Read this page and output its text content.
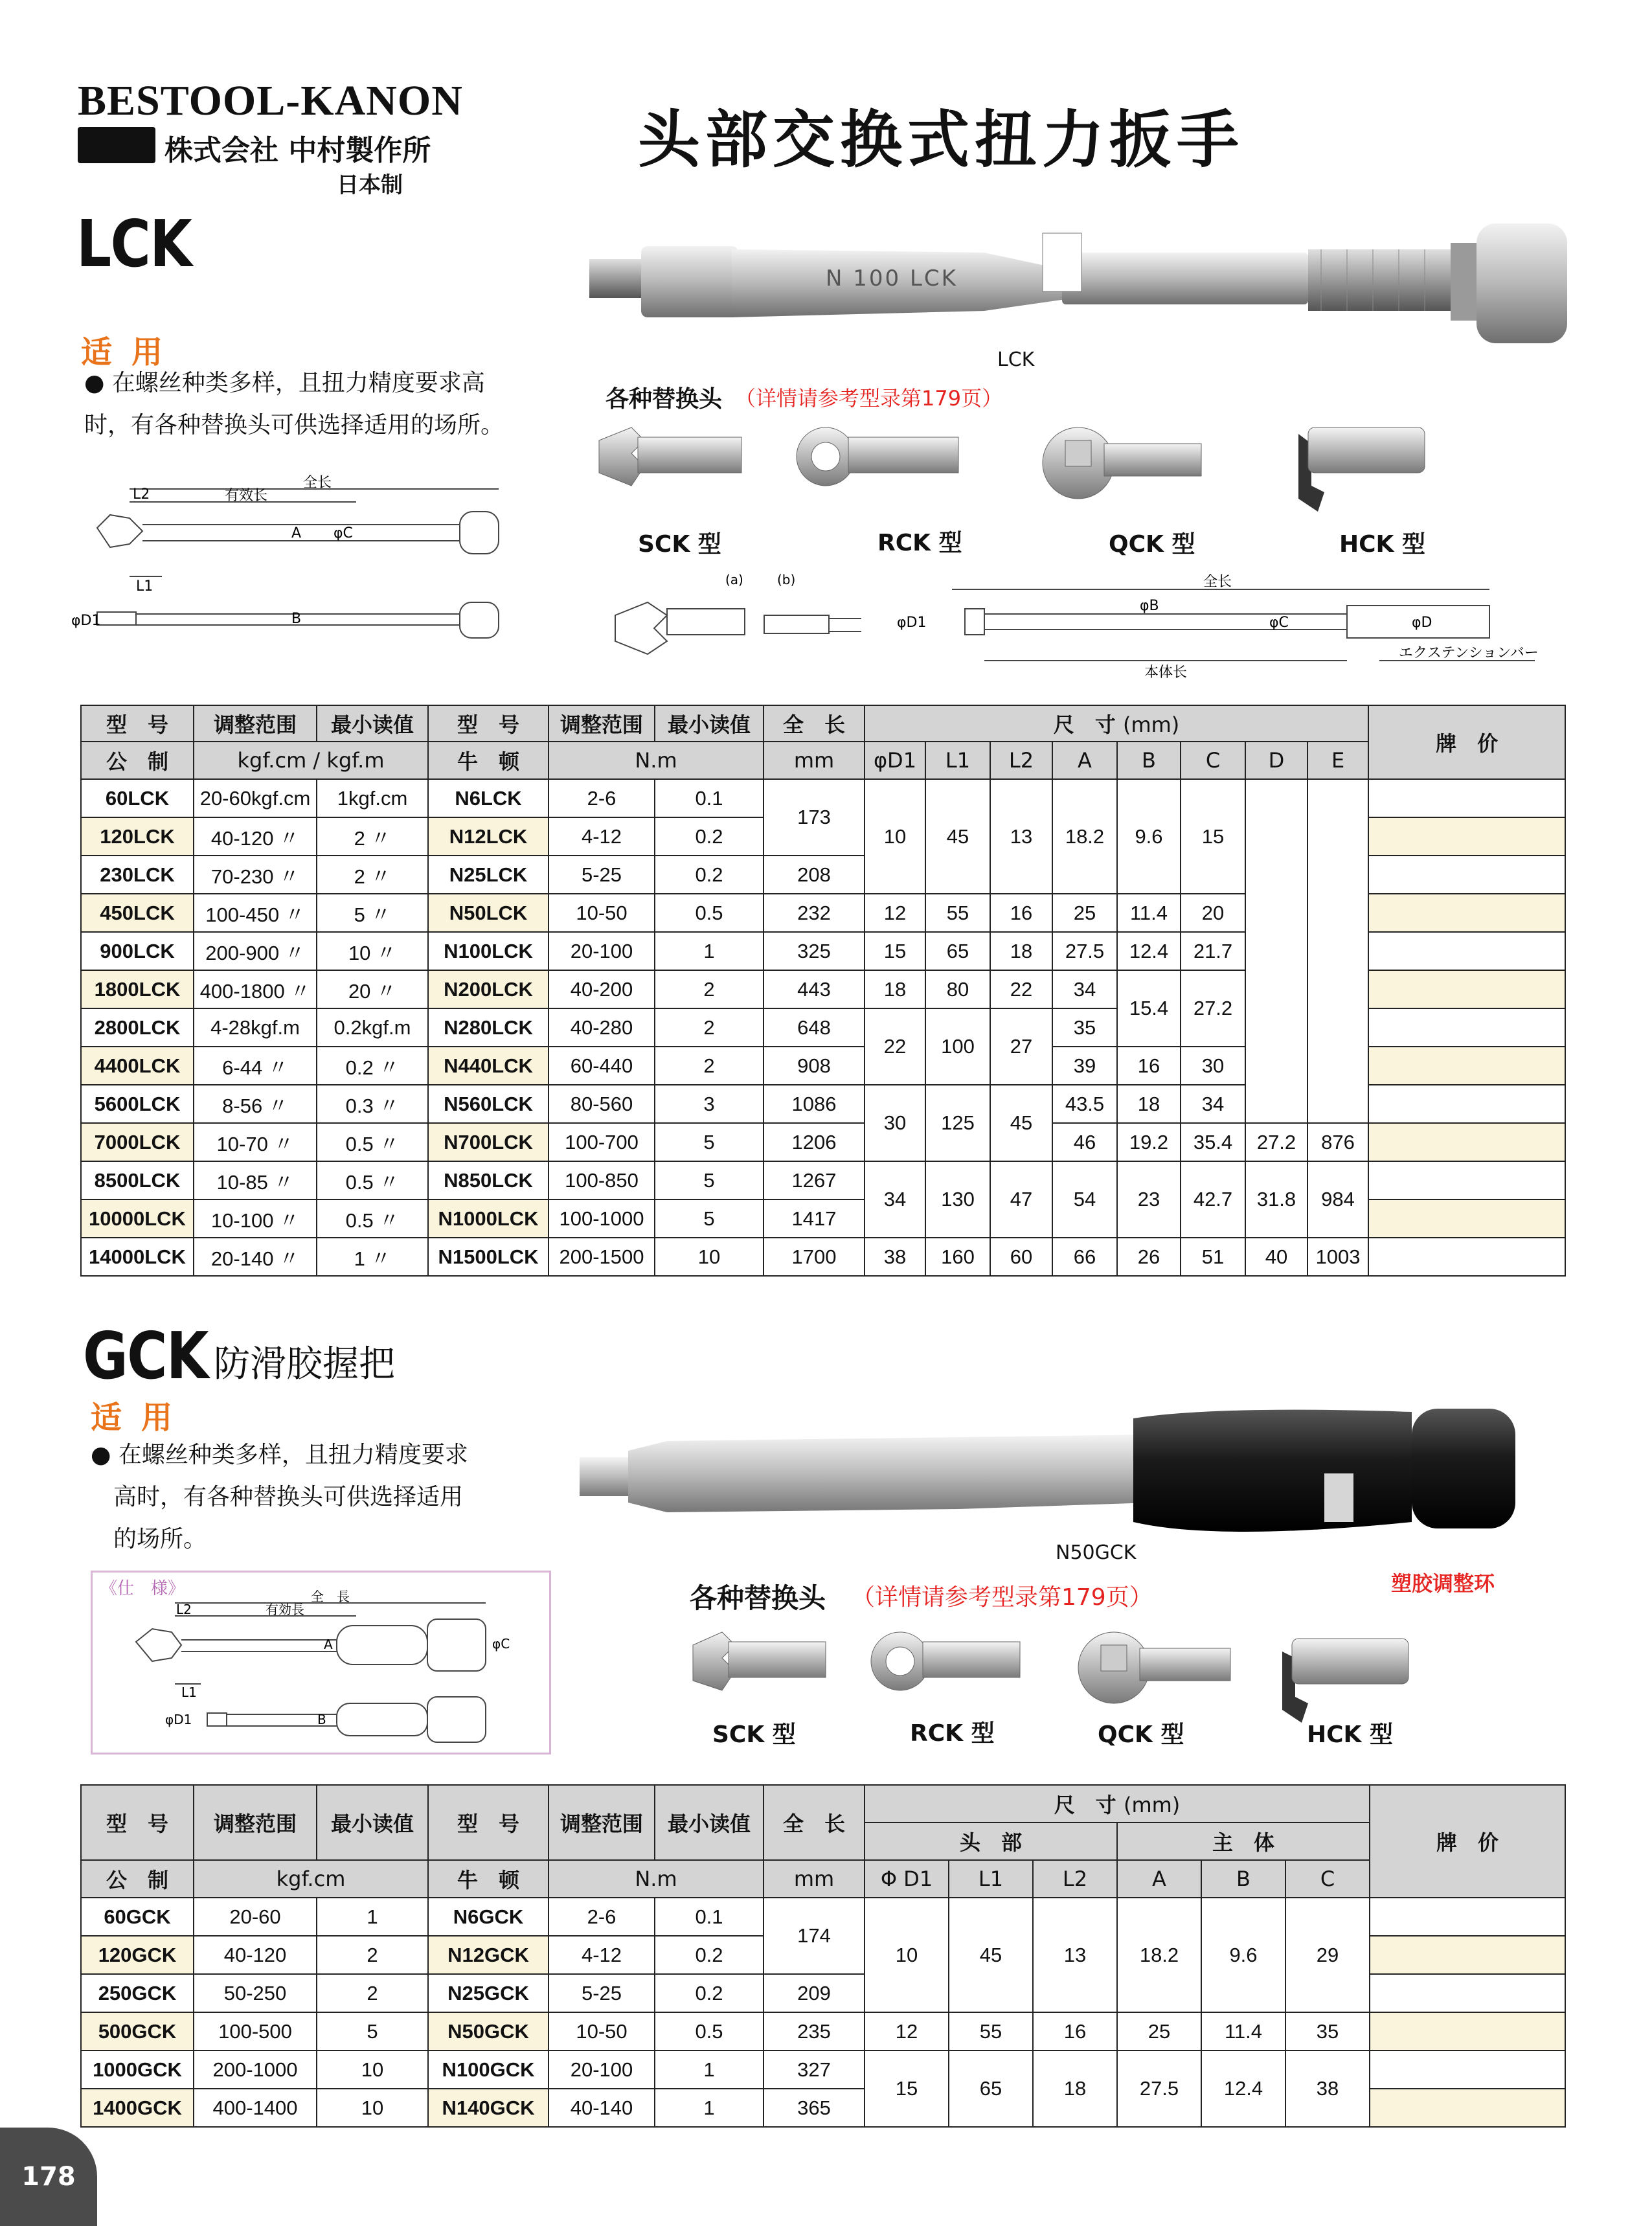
BESTOOL-KANON
株式会社 中村製作所
日本制
头部交换式扭力扳手
LCK
适用
● 在螺丝种类多样，且扭力精度要求高
时，有各种替换头可供选择适用的场所。
N 100 LCK
LCK
各种替换头 （详情请参考型录第179页）
SCK 型	RCK 型	QCK 型	HCK 型
全长
有效长
L2
L1
A φC
φD1	B
(a)	(b)
φD1
全长
φB
φC	φD
本体长
エクステンションバー
型　号	调整范围	最小读值	型　号	调整范围	最小读值	全　长	尺　寸 (mm)								牌　价
公　制	kgf.cm / kgf.m		牛　顿	N.m		mm	φD1	L1	L2	A	B	C	D	E	
60LCK	20-60kgf.cm	1kgf.cm	N6LCK	2-6	0.1	173	10	45	13	18.2	9.6	15			
120LCK	40-120 〃	2 〃	N12LCK	4-12	0.2										
230LCK	70-230 〃	2 〃	N25LCK	5-25	0.2	208									
450LCK	100-450 〃	5 〃	N50LCK	10-50	0.5	232	12	55	16	25	11.4	20			
900LCK	200-900 〃	10 〃	N100LCK	20-100	1	325	15	65	18	27.5	12.4	21.7			
1800LCK	400-1800 〃	20 〃	N200LCK	40-200	2	443	18	80	22	34	15.4	27.2			
2800LCK	4-28kgf.m	0.2kgf.m	N280LCK	40-280	2	648	22	100	27	35					
4400LCK	6-44 〃	0.2 〃	N440LCK	60-440	2	908				39	16	30			
5600LCK	8-56 〃	0.3 〃	N560LCK	80-560	3	1086	30	125	45	43.5	18	34			
7000LCK	10-70 〃	0.5 〃	N700LCK	100-700	5	1206				46	19.2	35.4	27.2	876	
8500LCK	10-85 〃	0.5 〃	N850LCK	100-850	5	1267	34	130	47	54	23	42.7	31.8	984	
10000LCK	10-100 〃	0.5 〃	N1000LCK	100-1000	5	1417									
14000LCK	20-140 〃	1 〃	N1500LCK	200-1500	10	1700	38	160	60	66	26	51	40	1003	
GCK 防滑胶握把
适用
● 在螺丝种类多样，且扭力精度要求
高时，有各种替换头可供选择适用
的场所。
N50GCK
塑胶调整环
《仕　様》	全　長
有効長
L2
L1
A	φC
φD1	B
各种替换头 （详情请参考型录第179页）
SCK 型	RCK 型	QCK 型	HCK 型
型　号	调整范围	最小读值	型　号	调整范围	最小读值	全　长	尺　寸 (mm)						牌　价
							头　部			主　体			
公　制	kgf.cm		牛　顿	N.m		mm	Φ D1	L1	L2	A	B	C	
60GCK	20-60	1	N6GCK	2-6	0.1	174	10	45	13	18.2	9.6	29	
120GCK	40-120	2	N12GCK	4-12	0.2								
250GCK	50-250	2	N25GCK	5-25	0.2	209							
500GCK	100-500	5	N50GCK	10-50	0.5	235	12	55	16	25	11.4	35	
1000GCK	200-1000	10	N100GCK	20-100	1	327	15	65	18	27.5	12.4	38	
1400GCK	400-1400	10	N140GCK	40-140	1	365							
178
